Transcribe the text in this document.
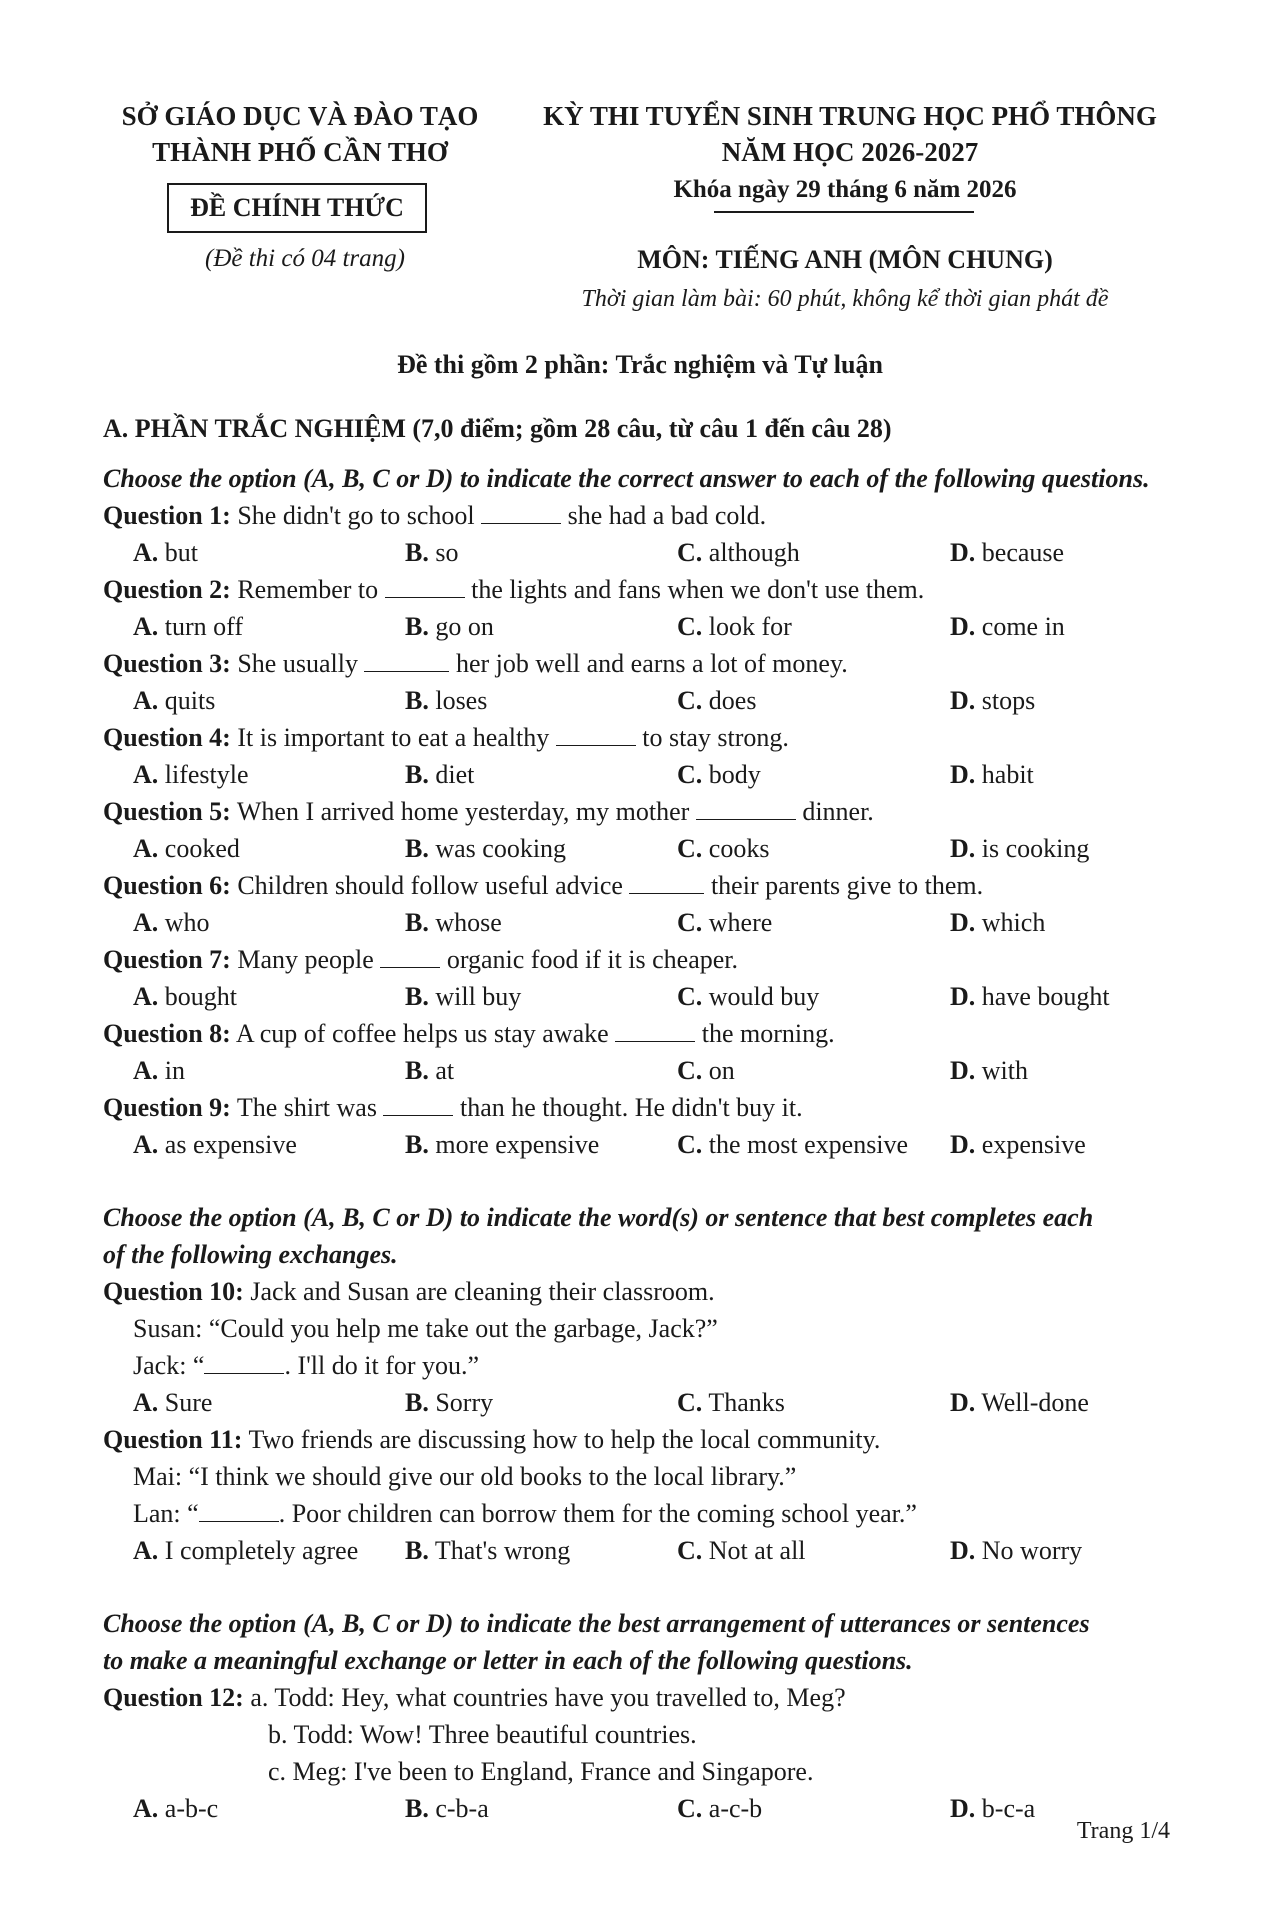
SỞ GIÁO DỤC VÀ ĐÀO TẠO
THÀNH PHỐ CẦN THƠ
ĐỀ CHÍNH THỨC
(Đề thi có 04 trang)
KỲ THI TUYỂN SINH TRUNG HỌC PHỔ THÔNG
NĂM HỌC 2026-2027
Khóa ngày 29 tháng 6 năm 2026
MÔN: TIẾNG ANH (MÔN CHUNG)
Thời gian làm bài: 60 phút, không kể thời gian phát đề
Đề thi gồm 2 phần: Trắc nghiệm và Tự luận
A. PHẦN TRẮC NGHIỆM (7,0 điểm; gồm 28 câu, từ câu 1 đến câu 28)
Choose the option (A, B, C or D) to indicate the correct answer to each of the following questions.
Question 1: She didn't go to school	she had a bad cold.
A. but	B. so	C. although	D. because
Question 2: Remember to	the lights and fans when we don't use them.
A. turn off	B. go on	C. look for	D. come in
Question 3: She usually	her job well and earns a lot of money.
A. quits	B. loses	C. does	D. stops
Question 4: It is important to eat a healthy	to stay strong.
A. lifestyle	B. diet	C. body	D. habit
Question 5: When I arrived home yesterday, my mother	dinner.
A. cooked	B. was cooking	C. cooks	D. is cooking
Question 6: Children should follow useful advice	their parents give to them.
A. who	B. whose	C. where	D. which
Question 7: Many people	organic food if it is cheaper.
A. bought	B. will buy	C. would buy	D. have bought
Question 8: A cup of coffee helps us stay awake	the morning.
A. in	B. at	C. on	D. with
Question 9: The shirt was	than he thought. He didn't buy it.
A. as expensive	B. more expensive	C. the most expensive	D. expensive
Choose the option (A, B, C or D) to indicate the word(s) or sentence that best completes each
of the following exchanges.
Question 10: Jack and Susan are cleaning their classroom.
Susan: “Could you help me take out the garbage, Jack?”
Jack: “	. I'll do it for you.”
A. Sure	B. Sorry	C. Thanks	D. Well-done
Question 11: Two friends are discussing how to help the local community.
Mai: “I think we should give our old books to the local library.”
Lan: “	. Poor children can borrow them for the coming school year.”
A. I completely agree	B. That's wrong	C. Not at all	D. No worry
Choose the option (A, B, C or D) to indicate the best arrangement of utterances or sentences
to make a meaningful exchange or letter in each of the following questions.
Question 12: a. Todd: Hey, what countries have you travelled to, Meg?
b. Todd: Wow! Three beautiful countries.
c. Meg: I've been to England, France and Singapore.
A. a-b-c	B. c-b-a	C. a-c-b	D. b-c-a
Trang 1/4
